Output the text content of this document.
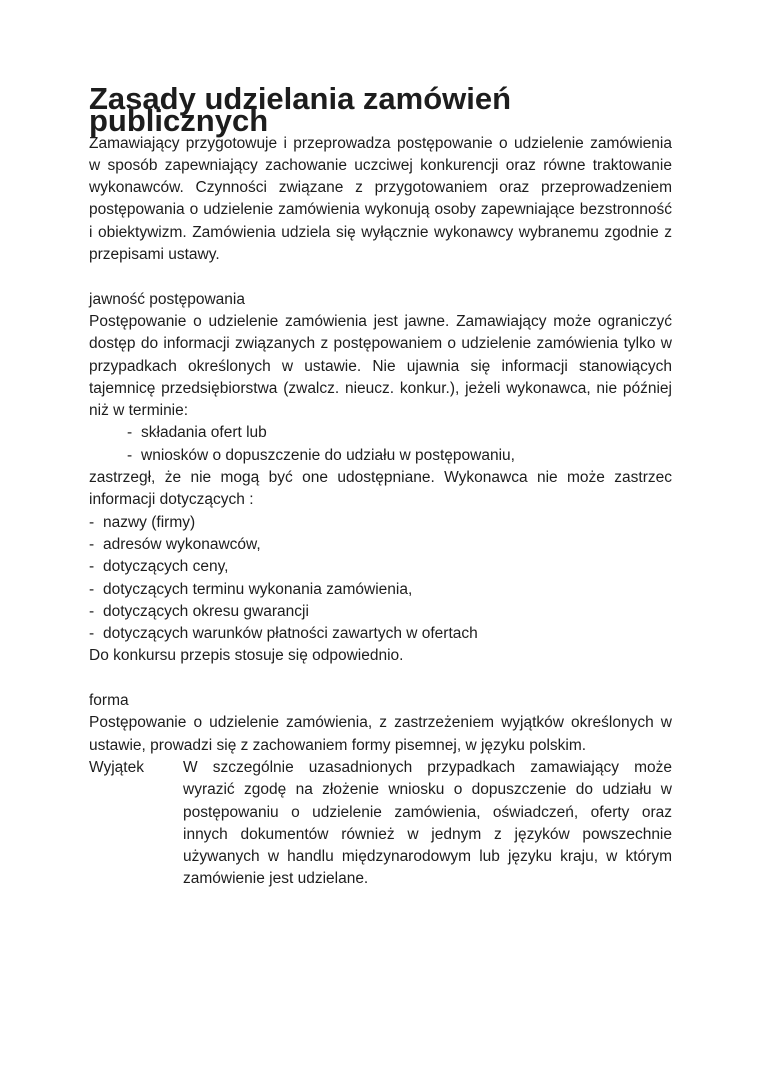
Zasady udzielania zamówień publicznych

Zamawiający przygotowuje i przeprowadza postępowanie o udzielenie zamówienia w sposób zapewniający zachowanie uczciwej konkurencji oraz równe traktowanie wykonawców. Czynności związane z przygotowaniem oraz przeprowadzeniem postępowania o udzielenie zamówienia wykonują osoby zapewniające bezstronność i obiektywizm. Zamówienia udziela się wyłącznie wykonawcy wybranemu zgodnie z przepisami ustawy.

jawność postępowania

Postępowanie o udzielenie zamówienia jest jawne. Zamawiający może ograniczyć dostęp do informacji związanych z postępowaniem o udzielenie zamówienia tylko w przypadkach określonych w ustawie. Nie ujawnia się informacji stanowiących tajemnicę przedsiębiorstwa (zwalcz. nieucz. konkur.), jeżeli wykonawca, nie później niż w terminie:

- składania ofert lub
- wniosków o dopuszczenie do udziału w postępowaniu,

zastrzegł, że nie mogą być one udostępniane. Wykonawca nie może zastrzec informacji dotyczących :

- nazwy (firmy)
- adresów wykonawców,
- dotyczących ceny,
- dotyczących terminu wykonania zamówienia,
- dotyczących okresu gwarancji
- dotyczących warunków płatności zawartych w ofertach

Do konkursu przepis stosuje się odpowiednio.

forma

Postępowanie o udzielenie zamówienia, z zastrzeżeniem wyjątków określonych w ustawie, prowadzi się z zachowaniem formy pisemnej, w języku polskim.

Wyjątek	W szczególnie uzasadnionych przypadkach zamawiający może wyrazić zgodę na złożenie wniosku o dopuszczenie do udziału w postępowaniu o udzielenie zamówienia, oświadczeń, oferty oraz innych dokumentów również w jednym z języków powszechnie używanych w handlu międzynarodowym lub języku kraju, w którym zamówienie jest udzielane.
